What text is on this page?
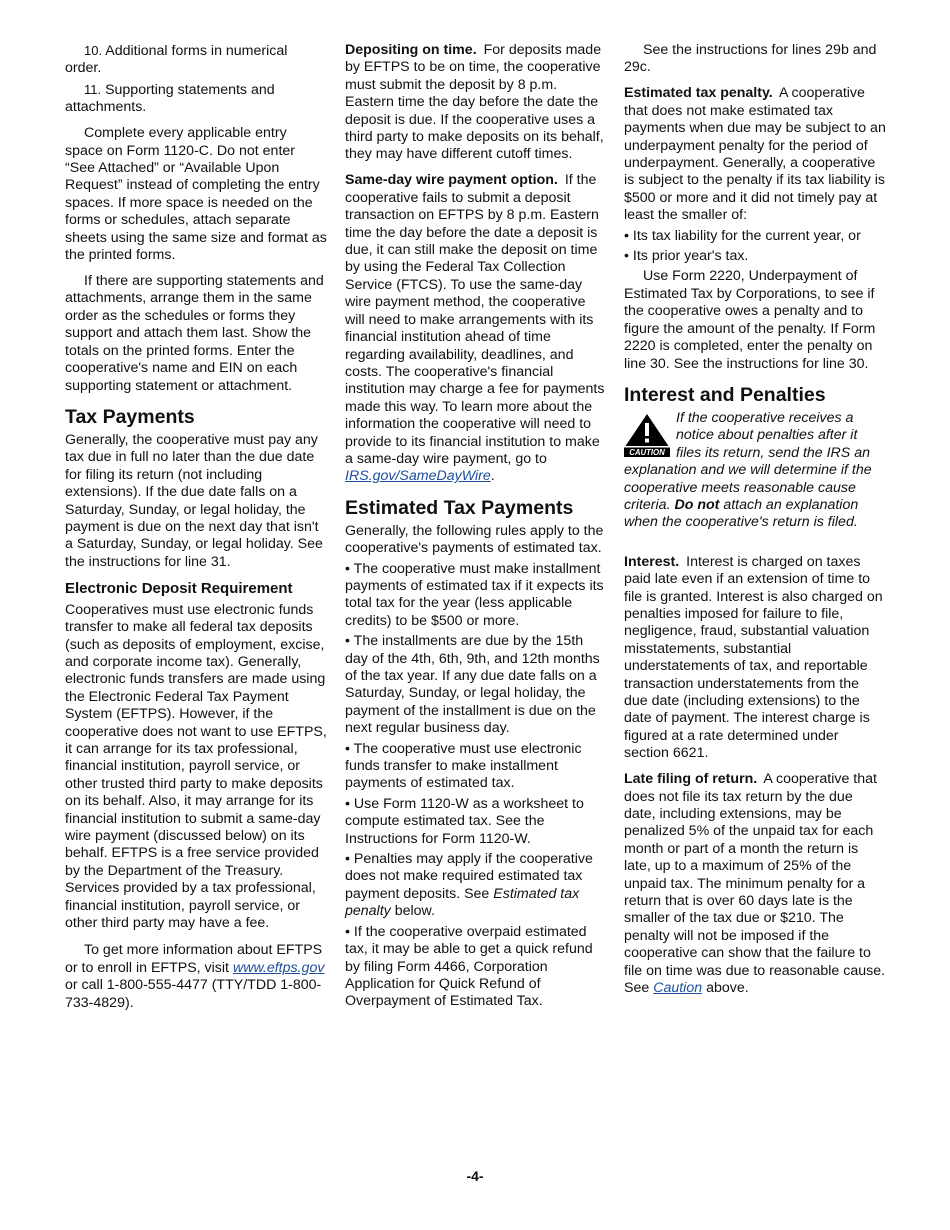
10. Additional forms in numerical order.

11. Supporting statements and attachments.

Complete every applicable entry space on Form 1120-C. Do not enter “See Attached” or “Available Upon Request” instead of completing the entry spaces. If more space is needed on the forms or schedules, attach separate sheets using the same size and format as the printed forms.

If there are supporting statements and attachments, arrange them in the same order as the schedules or forms they support and attach them last. Show the totals on the printed forms. Enter the cooperative's name and EIN on each supporting statement or attachment.

Tax Payments

Generally, the cooperative must pay any tax due in full no later than the due date for filing its return (not including extensions). If the due date falls on a Saturday, Sunday, or legal holiday, the payment is due on the next day that isn't a Saturday, Sunday, or legal holiday. See the instructions for line 31.

Electronic Deposit Requirement

Cooperatives must use electronic funds transfer to make all federal tax deposits (such as deposits of employment, excise, and corporate income tax). Generally, electronic funds transfers are made using the Electronic Federal Tax Payment System (EFTPS). However, if the cooperative does not want to use EFTPS, it can arrange for its tax professional, financial institution, payroll service, or other trusted third party to make deposits on its behalf. Also, it may arrange for its financial institution to submit a same-day wire payment (discussed below) on its behalf. EFTPS is a free service provided by the Department of the Treasury. Services provided by a tax professional, financial institution, payroll service, or other third party may have a fee.

To get more information about EFTPS or to enroll in EFTPS, visit www.eftps.gov or call 1-800-555-4477 (TTY/TDD 1-800-733-4829).

Depositing on time. For deposits made by EFTPS to be on time, the cooperative must submit the deposit by 8 p.m. Eastern time the day before the date the deposit is due. If the cooperative uses a third party to make deposits on its behalf, they may have different cutoff times.

Same-day wire payment option. If the cooperative fails to submit a deposit transaction on EFTPS by 8 p.m. Eastern time the day before the date a deposit is due, it can still make the deposit on time by using the Federal Tax Collection Service (FTCS). To use the same-day wire payment method, the cooperative will need to make arrangements with its financial institution ahead of time regarding availability, deadlines, and costs. The cooperative's financial institution may charge a fee for payments made this way. To learn more about the information the cooperative will need to provide to its financial institution to make a same-day wire payment, go to IRS.gov/SameDayWire.

Estimated Tax Payments

Generally, the following rules apply to the cooperative's payments of estimated tax.

• The cooperative must make installment payments of estimated tax if it expects its total tax for the year (less applicable credits) to be $500 or more.

• The installments are due by the 15th day of the 4th, 6th, 9th, and 12th months of the tax year. If any due date falls on a Saturday, Sunday, or legal holiday, the payment of the installment is due on the next regular business day.

• The cooperative must use electronic funds transfer to make installment payments of estimated tax.

• Use Form 1120-W as a worksheet to compute estimated tax. See the Instructions for Form 1120-W.

• Penalties may apply if the cooperative does not make required estimated tax payment deposits. See Estimated tax penalty below.

• If the cooperative overpaid estimated tax, it may be able to get a quick refund by filing Form 4466, Corporation Application for Quick Refund of Overpayment of Estimated Tax.

See the instructions for lines 29b and 29c.

Estimated tax penalty. A cooperative that does not make estimated tax payments when due may be subject to an underpayment penalty for the period of underpayment. Generally, a cooperative is subject to the penalty if its tax liability is $500 or more and it did not timely pay at least the smaller of:

• Its tax liability for the current year, or

• Its prior year's tax.

Use Form 2220, Underpayment of Estimated Tax by Corporations, to see if the cooperative owes a penalty and to figure the amount of the penalty. If Form 2220 is completed, enter the penalty on line 30. See the instructions for line 30.

Interest and Penalties
CAUTION
If the cooperative receives a notice about penalties after it files its return, send the IRS an explanation and we will determine if the cooperative meets reasonable cause criteria. Do not attach an explanation when the cooperative's return is filed.

Interest. Interest is charged on taxes paid late even if an extension of time to file is granted. Interest is also charged on penalties imposed for failure to file, negligence, fraud, substantial valuation misstatements, substantial understatements of tax, and reportable transaction understatements from the due date (including extensions) to the date of payment. The interest charge is figured at a rate determined under section 6621.

Late filing of return. A cooperative that does not file its tax return by the due date, including extensions, may be penalized 5% of the unpaid tax for each month or part of a month the return is late, up to a maximum of 25% of the unpaid tax. The minimum penalty for a return that is over 60 days late is the smaller of the tax due or $210. The penalty will not be imposed if the cooperative can show that the failure to file on time was due to reasonable cause. See Caution above.

-4-
